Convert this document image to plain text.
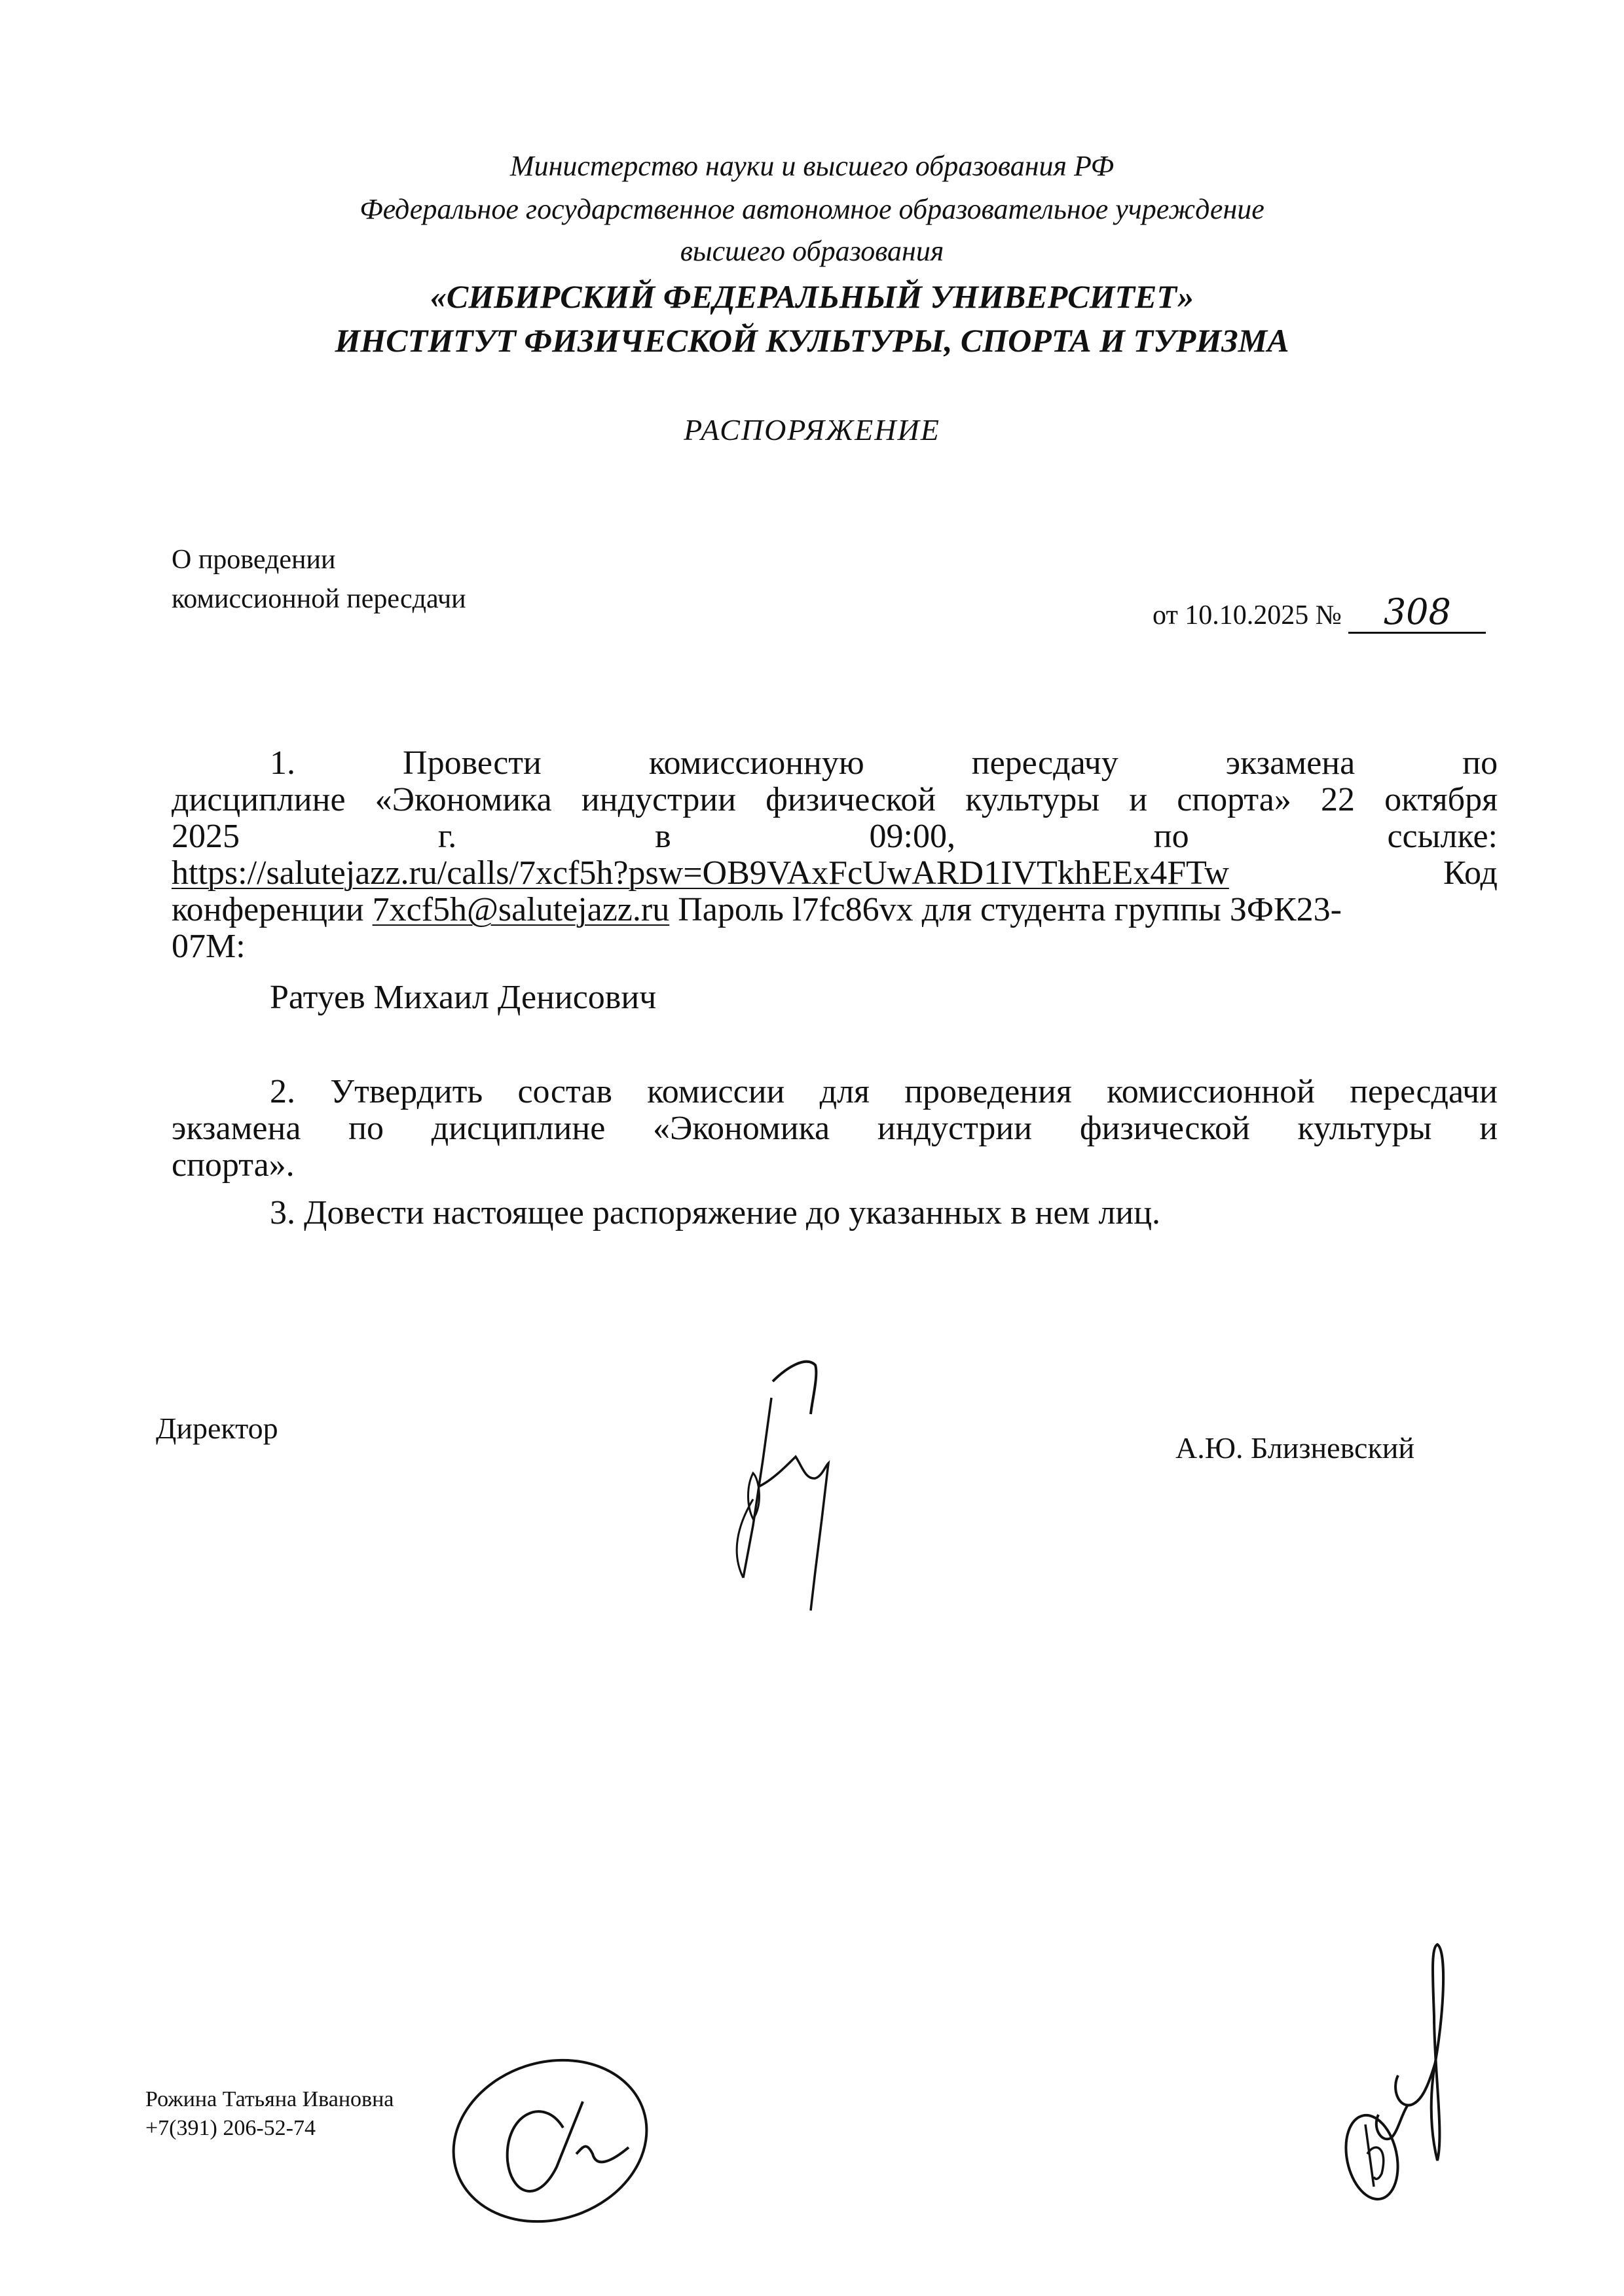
Министерство науки и высшего образования РФ
Федеральное государственное автономное образовательное учреждение
высшего образования
«СИБИРСКИЙ ФЕДЕРАЛЬНЫЙ УНИВЕРСИТЕТ»
ИНСТИТУТ ФИЗИЧЕСКОЙ КУЛЬТУРЫ, СПОРТА И ТУРИЗМА
РАСПОРЯЖЕНИЕ
О проведении
комиссионной пересдачи
от 10.10.2025 № 308
1.	Провести	комиссионную	пересдачу	экзамена	по
дисциплине «Экономика индустрии физической культуры и спорта» 22 октября
2025	г.	в	09:00,	по	ссылке:
https://salutejazz.ru/calls/7xcf5h?psw=OB9VAxFcUwARD1IVTkhEEx4FTw	Код
конференции 7xcf5h@salutejazz.ru Пароль l7fc86vx для студента группы ЗФК23-
07М:
Ратуев Михаил Денисович
2. Утвердить состав комиссии для проведения комиссионной пересдачи
экзамена по дисциплине «Экономика индустрии физической культуры и
спорта».
3. Довести настоящее распоряжение до указанных в нем лиц.
Директор
А.Ю. Близневский
Рожина Татьяна Ивановна
+7(391) 206-52-74
